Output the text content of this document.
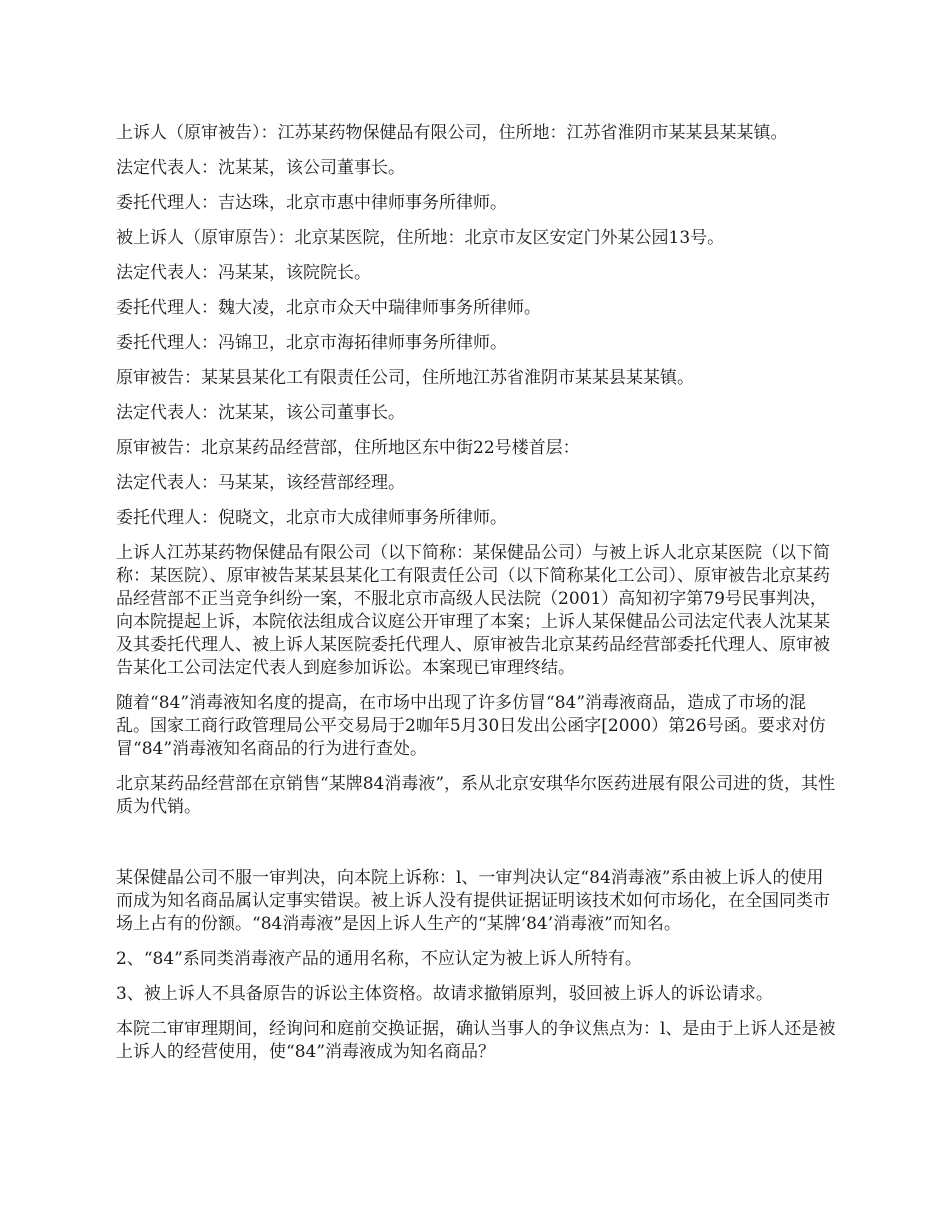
上诉人（原审被告）：江苏某药物保健品有限公司，住所地：江苏省淮阴市某某县某某镇。

法定代表人：沈某某，该公司董事长。

委托代理人：吉达珠，北京市惠中律师事务所律师。

被上诉人（原审原告）：北京某医院，住所地：北京市友区安定门外某公园13号。

法定代表人：冯某某，该院院长。

委托代理人：魏大凌，北京市众天中瑞律师事务所律师。

委托代理人：冯锦卫，北京市海拓律师事务所律师。

原审被告：某某县某化工有限责任公司，住所地江苏省淮阴市某某县某某镇。

法定代表人：沈某某，该公司董事长。

原审被告：北京某药品经营部，住所地区东中街22号楼首层：

法定代表人：马某某，该经营部经理。

委托代理人：倪晓文，北京市大成律师事务所律师。

上诉人江苏某药物保健品有限公司（以下简称：某保健品公司）与被上诉人北京某医院（以下简称：某医院）、原审被告某某县某化工有限责任公司（以下简称某化工公司）、原审被告北京某药品经营部不正当竞争纠纷一案，不服北京市高级人民法院（2001）高知初字第79号民事判决，向本院提起上诉，本院依法组成合议庭公开审理了本案；上诉人某保健品公司法定代表人沈某某及其委托代理人、被上诉人某医院委托代理人、原审被告北京某药品经营部委托代理人、原审被告某化工公司法定代表人到庭参加诉讼。本案现已审理终结。

随着“84”消毒液知名度的提高，在市场中出现了许多仿冒“84”消毒液商品，造成了市场的混乱。国家工商行政管理局公平交易局于2咖年5月30日发出公函字[2000）第26号函。要求对仿冒“84”消毒液知名商品的行为进行查处。

北京某药品经营部在京销售“某牌84消毒液”，系从北京安琪华尔医药进展有限公司进的货，其性质为代销。

某保健晶公司不服一审判决，向本院上诉称：l、一审判决认定“84消毒液”系由被上诉人的使用而成为知名商品属认定事实错误。被上诉人没有提供证据证明该技术如何市场化，在全国同类市场上占有的份额。“84消毒液”是因上诉人生产的“某牌‘84’消毒液”而知名。

2、“84”系同类消毒液产品的通用名称，不应认定为被上诉人所特有。

3、被上诉人不具备原告的诉讼主体资格。故请求撤销原判，驳回被上诉人的诉讼请求。

本院二审审理期间，经询问和庭前交换证据，确认当事人的争议焦点为：l、是由于上诉人还是被上诉人的经营使用，使“84”消毒液成为知名商品？
